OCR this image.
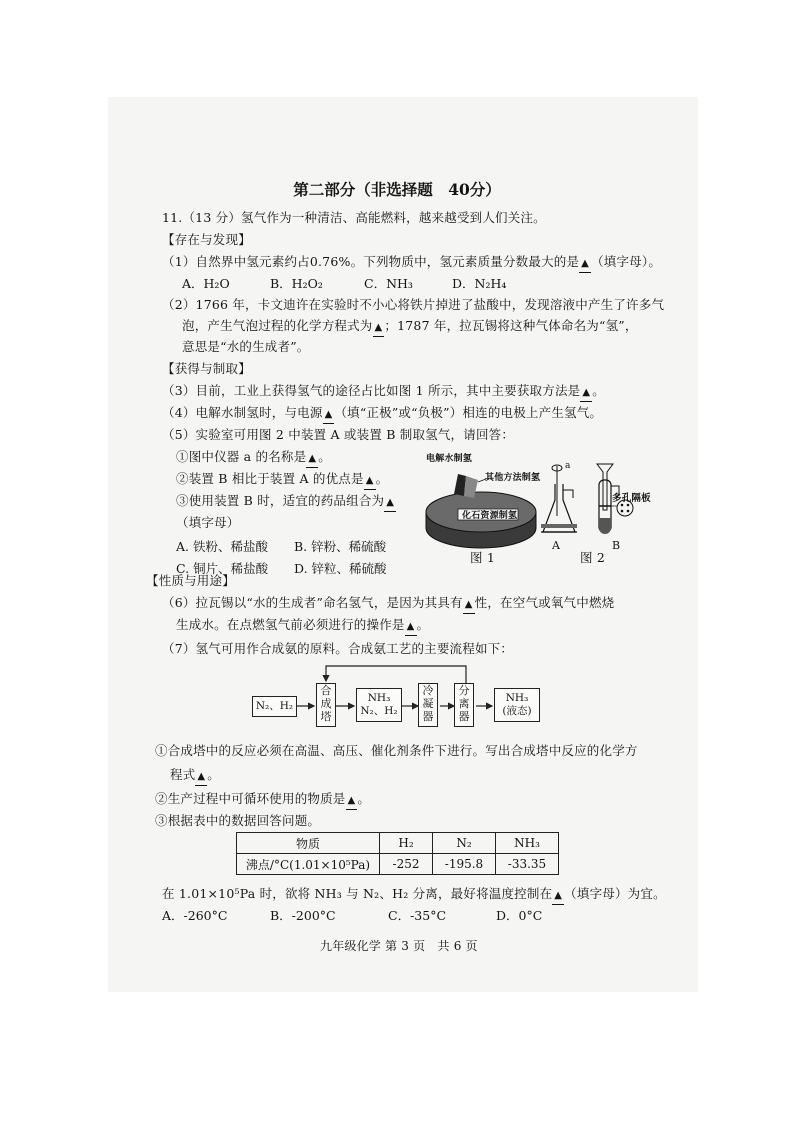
第二部分（非选择题　40分）
11.（13 分）氢气作为一种清洁、高能燃料，越来越受到人们关注。
【存在与发现】
（1）自然界中氢元素约占0.76%。下列物质中，氢元素质量分数最大的是 ▲ （填字母）。
A．H₂O	B．H₂O₂	C．NH₃	D．N₂H₄
（2）1766 年，卡文迪许在实验时不小心将铁片掉进了盐酸中，发现溶液中产生了许多气
泡，产生气泡过程的化学方程式为 ▲ ；1787 年，拉瓦锡将这种气体命名为“氢”，
意思是“水的生成者”。
【获得与制取】
（3）目前，工业上获得氢气的途径占比如图 1 所示，其中主要获取方法是 ▲ 。
（4）电解水制氢时，与电源 ▲ （填“正极”或“负极”）相连的电极上产生氢气。
（5）实验室可用图 2 中装置 A 或装置 B 制取氢气，请回答：
①图中仪器 a 的名称是 ▲ 。
②装置 B 相比于装置 A 的优点是 ▲ 。
③使用装置 B 时，适宜的药品组合为 ▲
（填字母）
A. 铁粉、稀盐酸 B. 锌粉、稀硫酸
C. 铜片、稀盐酸 D. 锌粒、稀硫酸
电解水制氢
其他方法制氢
化石资源制氢
图 1
a
多孔隔板
A	B
图 2
【性质与用途】
（6）拉瓦锡以“水的生成者”命名氢气，是因为其具有 ▲ 性，在空气或氧气中燃烧
生成水。在点燃氢气前必须进行的操作是 ▲ 。
（7）氢气可用作合成氨的原料。合成氨工艺的主要流程如下：
N₂、H₂
合
成
塔
NH₃
N₂、H₂
冷
凝
器
分
离
器
NH₃
(液态)
①合成塔中的反应必须在高温、高压、催化剂条件下进行。写出合成塔中反应的化学方
程式 ▲ 。
②生产过程中可循环使用的物质是 ▲ 。
③根据表中的数据回答问题。
物质	H₂	N₂	NH₃
沸点/°C(1.01×10⁵Pa)	-252	-195.8	-33.35
在 1.01×10⁵Pa 时，欲将 NH₃ 与 N₂、H₂ 分离，最好将温度控制在 ▲ （填字母）为宜。
A．-260°C	B．-200°C	C．-35°C	D．0°C
九年级化学 第 3 页　共 6 页
